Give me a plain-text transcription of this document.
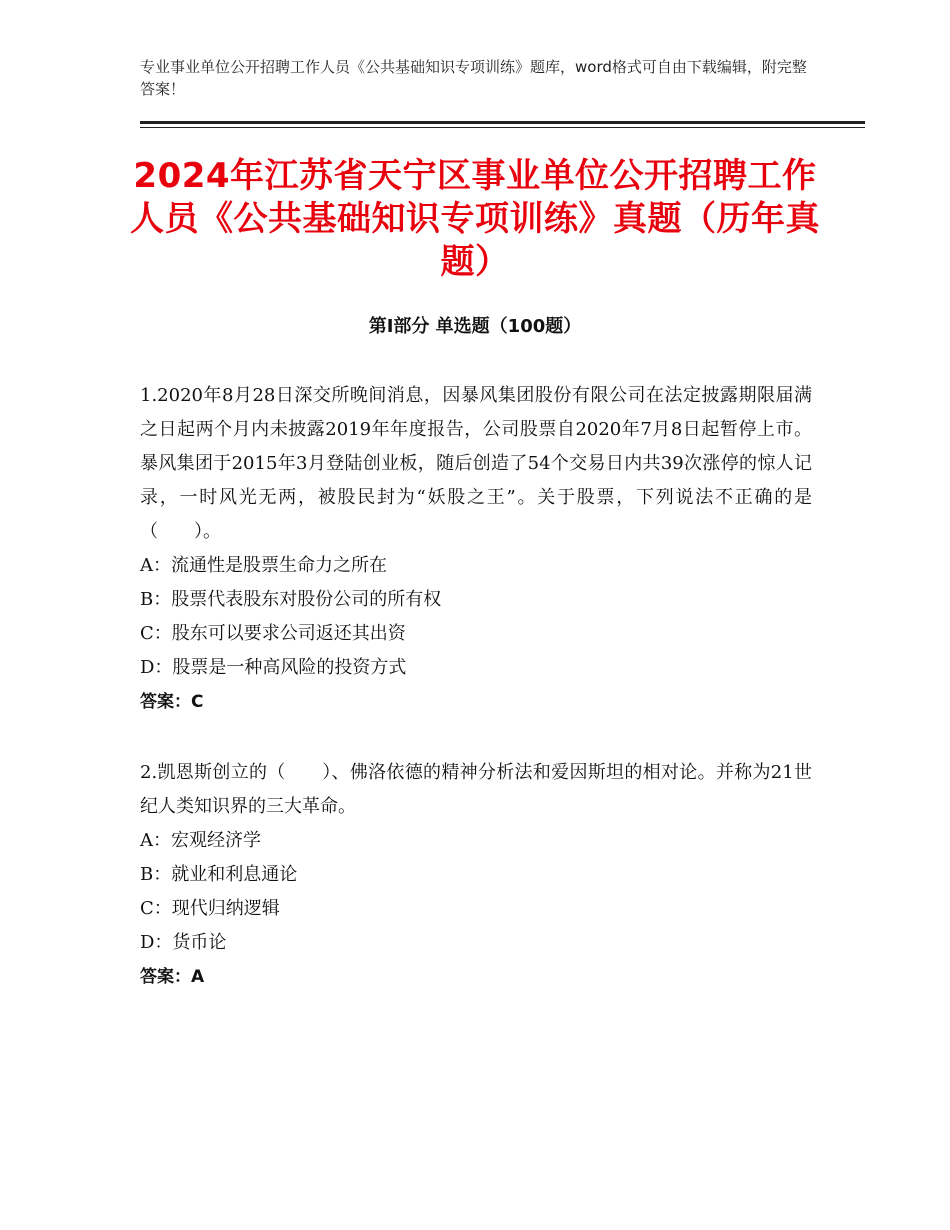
专业事业单位公开招聘工作人员《公共基础知识专项训练》题库，word格式可自由下载编辑，附完整答案！
2024年江苏省天宁区事业单位公开招聘工作人员《公共基础知识专项训练》真题（历年真题）
第Ⅰ部分 单选题（100题）

1.2020年8月28日深交所晚间消息，因暴风集团股份有限公司在法定披露期限届满之日起两个月内未披露2019年年度报告，公司股票自2020年7月8日起暂停上市。暴风集团于2015年3月登陆创业板，随后创造了54个交易日内共39次涨停的惊人记录，一时风光无两，被股民封为“妖股之王”。关于股票，下列说法不正确的是（　　）。

A：流通性是股票生命力之所在

B：股票代表股东对股份公司的所有权

C：股东可以要求公司返还其出资

D：股票是一种高风险的投资方式

答案：C

2.凯恩斯创立的（　　）、佛洛依德的精神分析法和爱因斯坦的相对论。并称为21世纪人类知识界的三大革命。

A：宏观经济学

B：就业和利息通论

C：现代归纳逻辑

D：货币论

答案：A
